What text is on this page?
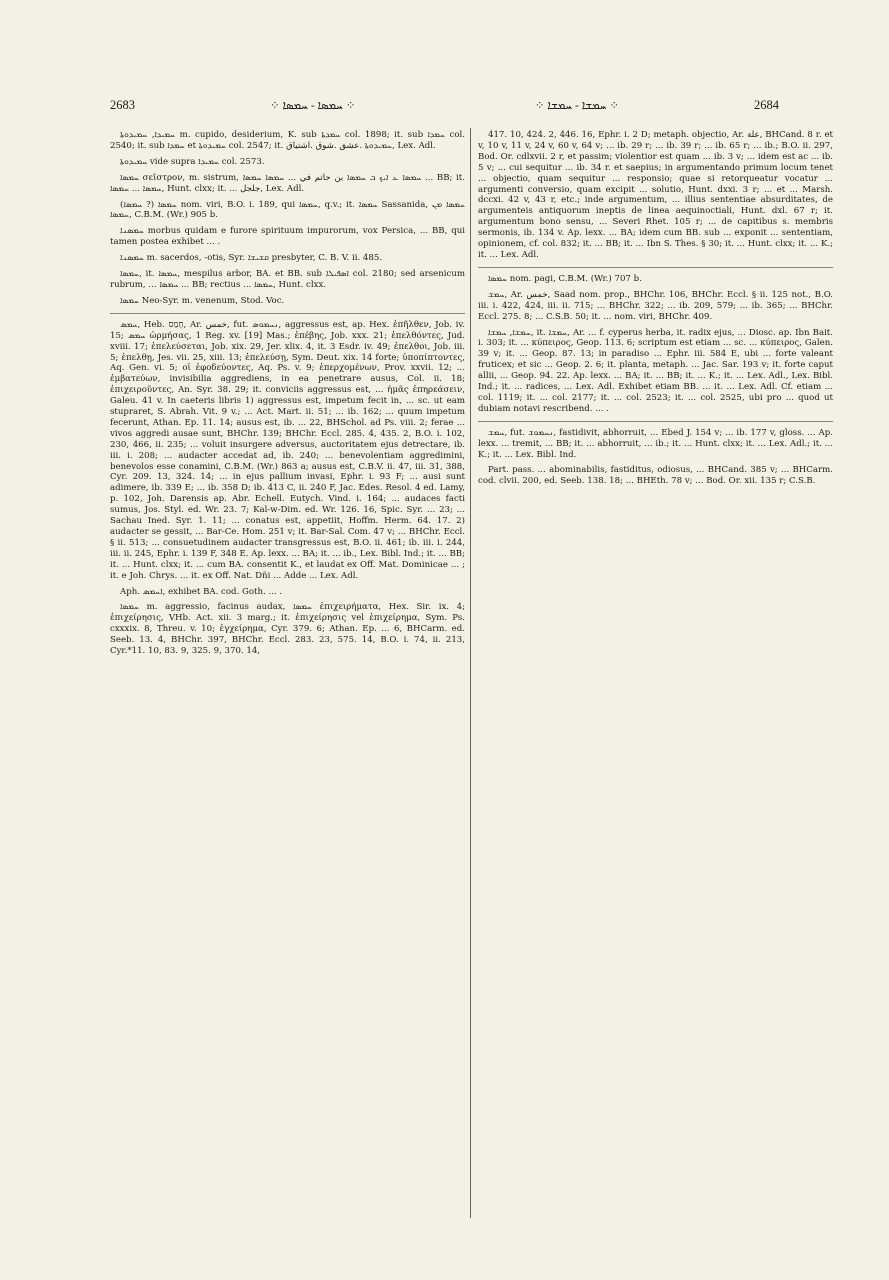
2683	⁘ ܚܡܣܐ - ܚܡܣܐ ⁘	⁘ ܚܡܫܐ - ܚܡܫܐ ⁘	2684

ܚܡܝܕܐ, ܚܡܝܕܘܬܐ m. cupido, desiderium, K. sub ܚܡܕܬܐ col. 1898; it. sub ܚܡܕܐ col. 2540; it. sub ܚܡܕܐ et ܚܡܝܕܘܬܐ col. 2547; it. ܚܡܝܕܘܬܐ .عشق .شوق .اشتياق, Lex. Adl.

ܚܡܝܕܘܬܐ vide supra ܚܡܝܕܐ col. 2573.

ܚܡܣܐ σεῖστρον, m. sistrum, ܚܡܣܐ ܥ ܐܝܟ ܒ ܚܡܣܐ بن حاتم في ... ܚܡܣܐ ܚܡܣܐ ... BB; it. ܚܡܣܐ ... ܚܡܣܐ, Hunt. clxx; it. ... جلجل, Lex. Adl.

ܚܡܣܐ (? ܚܡܣܐ) nom. viri, B.O. i. 189, qui ܚܡܣܐ, q.v.; it. ܚܡܣܐ Sassanida, ܚܡܣܐ ܡܢ ܚܡܣܐ, C.B.M. (Wr.) 905 b.

ܚܡܣܢܐ morbus quidam e furore spirituum impurorum, vox Persica, ... BB, qui tamen postea exhibet ... .

ܚܡܣܢܐ m. sacerdos, -otis, Syr. ܩܫܝܫܐ presbyter, C. B. V. ii. 485.

ܚܡܣܐ, it. ܚܡܣܐ, mespilus arbor, BA. et BB. sub ܐܣܦܝܠܐ col. 2180; sed arsenicum rubrum, ... ܚܡܣܐ ... BB; rectius ... ܚܡܣܐ, Hunt. clxx.

ܚܡܣܐ Neo-Syr. m. venenum, Stod. Voc.

ܚܡܣ, Heb. חָמַס, Ar. خمس, fut. ܢܚܡܘܣ, aggressus est, ap. Hex. ἐπῆλθεν, Job. iv. 15; ܚܡܣ ὡρμήσας, 1 Reg. xv. [19] Mas.; ἐπέβης, Job. xxx. 21; ἐπελθόντες, Jud. xviii. 17; ἐπελεύσεται, Job. xix. 29, Jer. xlix. 4, it. 3 Esdr. iv. 49; ἐπελθοι, Job. iii. 5; ἐπελθῃ, Jes. vii. 25, xiii. 13; ἐπελεύσῃ, Sym. Deut. xix. 14 forte; ὑποπίπτοντες, Aq. Gen. vi. 5; οἱ ἐφοδεύοντες, Aq. Ps. v. 9; ἐπερχομένων, Prov. xxvii. 12; ... ἐμβατεύων, invisibilia aggrediens, in ea penetrare ausus, Col. ii. 18; ἐπιχειροῦντες, An. Syr. 38. 29; it. conviciis aggressus est, ... ἡμᾶς ἐπηρεάσειν, Galeu. 41 v. In caeteris libris 1) aggressus est, impetum fecit in, ... sc. ut eam stupraret, S. Abrah. Vit. 9 v.; ... Act. Mart. ii. 51; ... ib. 162; ... quum impetum fecerunt, Athan. Ep. 11. 14; ausus est, ib. ... 22, BHSchol. ad Ps. viii. 2; ferae ... vivos aggredi ausae sunt, BHChr. 139; BHChr. Eccl. 285. 4, 435. 2, B.O. i. 102, 230, 466, ii. 235; ... voluit insurgere adversus, auctoritatem ejus detrectare, ib. iii. i. 208; ... audacter accedat ad, ib. 240; ... benevolentiam aggredimini, benevolos esse conamini, C.B.M. (Wr.) 863 a; ausus est, C.B.V. ii. 47, iii. 31, 388, Cyr. 209. 13, 324. 14; ... in ejus pallium invasi, Ephr. i. 93 F; ... ausi sunt adimere, ib. 339 E; ... ib. 358 D; ib. 413 C, ii. 240 F, Jac. Edes. Resol. 4 ed. Lamy, p. 102, Joh. Darensis ap. Abr. Echell. Eutych. Vind. i. 164; ... audaces facti sumus, Jos. Styl. ed. Wr. 23. 7; Kal-w-Dim. ed. Wr. 126. 16, Spic. Syr. ... 23; ... Sachau Ined. Syr. 1. 11; ... conatus est, appetiit, Hoffm. Herm. 64. 17. 2) audacter se gessit, ... Bar-Ce. Hom. 251 v; it. Bar-Sal. Com. 47 v; ... BHChr. Eccl. § ii. 513; ... consuetudinem audacter transgressus est, B.O. ii. 461; ib. iii. i. 244, iii. ii. 245, Ephr. i. 139 F, 348 E. Ap. lexx. ... BA; it. ... ib., Lex. Bibl. Ind.; it. ... BB; it. ... Hunt. clxx; it. ... cum BA. consentit K., et laudat ex Off. Mat. Dominicae ... ; it. e Joh. Chrys. ... it. ex Off. Nat. Dñi ... Adde ... Lex. Adl.

Aph. ܐܚܡܣ, exhibet BA. cod. Goth. ... .

ܚܡܣܐ m. aggressio, facinus audax, ܚܡܣܐ ἐπιχειρήματα, Hex. Sir. ix. 4; ἐπιχείρησις, VHb. Act. xii. 3 marg.; it. ἐπιχείρησις vel ἐπιχείρημα, Sym. Ps. cxxxix. 8, Threu. v. 10; ἐγχείρημα, Cyr. 379. 6; Athan. Ep. ... 6, BHCarm. ed. Seeb. 13. 4, BHChr. 397, BHChr. Eccl. 283. 23, 575. 14, B.O. i. 74, ii. 213, Cyr.*11. 10, 83. 9, 325. 9, 370. 14,

417. 10, 424. 2, 446. 16, Ephr. i. 2 D; metaph. objectio, Ar. علة, BHCand. 8 r. et v, 10 v, 11 v, 24 v, 60 v, 64 v; ... ib. 29 r; ... ib. 39 r; ... ib. 65 r; ... ib.; B.O. ii. 297, Bod. Or. cdlxvii. 2 r, et passim; violentior est quam ... ib. 3 v; ... idem est ac ... ib. 5 v; ... cui sequitur ... ib. 34 r. et saepius; in argumentando primum locum tenet ... objectio, quam sequitur ... responsio; quae si retorqueatur vocatur ... argumenti conversio, quam excipit ... solutio, Hunt. dxxi. 3 r; ... et ... Marsh. dccxi. 42 v, 43 r, etc.; inde argumentum, ... illius sententiae absurditates, de argumenteis antiquorum ineptis de linea aequinoctiali, Hunt. dxl. 67 r; it. argumentum bono sensu, ... Severi Rhet. 105 r; ... de capitibus s. membris sermonis, ib. 134 v. Ap. lexx. ... BA; idem cum BB. sub ... exponit ... sententiam, opinionem, cf. col. 832; it. ... BB; it. ... Ibn S. Thes. § 30; it. ... Hunt. clxx; it. ... K.; it. ... Lex. Adl.

ܚܡܣܐ nom. pagi, C.B.M. (Wr.) 707 b.

ܚܡܫ, Ar. خمس, Saad nom. prop., BHChr. 106, BHChr. Eccl. § ii. 125 not., B.O. iii. i. 422, 424, iii. ii. 715; ... BHChr. 322; ... ib. 209, 579; ... ib. 365; ... BHChr. Eccl. 275. 8; ... C.S.B. 50; it. ... nom. viri, BHChr. 409.

ܚܡܫܐ, ܚܡܫܐ, it. ܚܡܫܐ, Ar. ... f. cyperus herba, it. radix ejus, ... Diosc. ap. Ibn Bait. i. 303; it. ... κύπειρος, Geop. 113. 6; scriptum est etiam ... sc. ... κύπειρος, Galen. 39 v; it. ... Geop. 87. 13; in paradiso ... Ephr. iii. 584 E, ubi ... forte valeant fruticex; et sic ... Geop. 2. 6; it. planta, metaph. ... Jac. Sar. 193 v; it. forte caput allii, ... Geop. 94. 22. Ap. lexx. ... BA; it. ... BB; it. ... K.; it. ... Lex. Adl., Lex. Bibl. Ind.; it. ... radices, ... Lex. Adl. Exhibet etiam BB. ... it. ... Lex. Adl. Cf. etiam ... col. 1119; it. ... col. 2177; it. ... col. 2523; it. ... col. 2525, ubi pro ... quod ut dubiam notavi rescribend. ... .

ܚܡܫ, fut. ܢܚܡܘܫ, fastidivit, abhorruit, ... Ebed J. 154 v; ... ib. 177 v, gloss. ... Ap. lexx. ... tremit, ... BB; it. ... abhorruit, ... ib.; it. ... Hunt. clxx; it. ... Lex. Adl.; it. ... K.; it. ... Lex. Bibl. Ind.

Part. pass. ... abominabilis, fastiditus, odiosus, ... BHCand. 385 v; ... BHCarm. cod. clvii. 200, ed. Seeb. 138. 18; ... BHEth. 78 v; ... Bod. Or. xii. 135 r; C.S.B.
